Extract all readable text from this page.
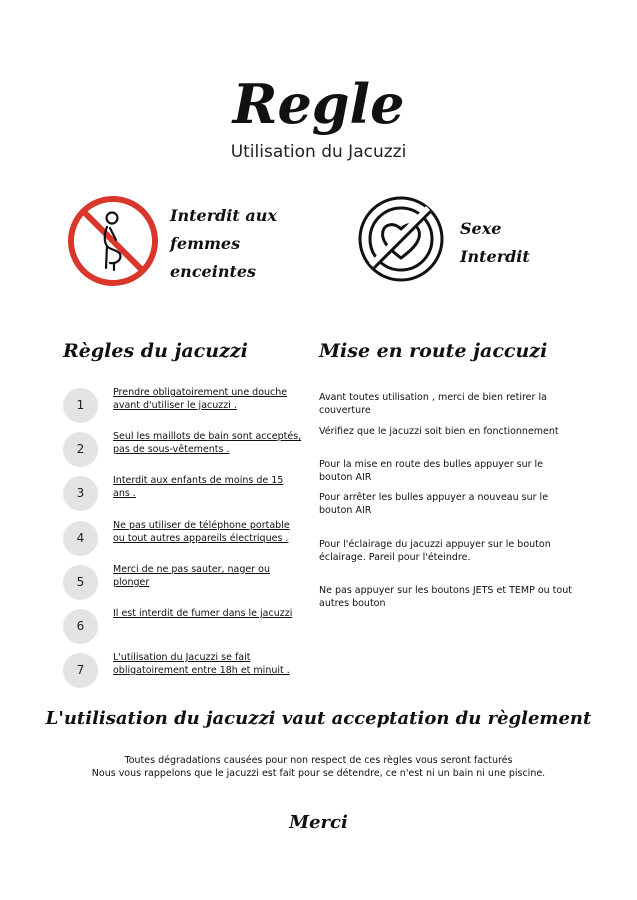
Regle
Utilisation du Jacuzzi
Interdit aux
femmes
enceintes
Sexe
Interdit
Règles du jacuzzi
1
Prendre obligatoirement une douche avant d'utiliser le jacuzzi .
2
Seul les maillots de bain sont acceptés, pas de sous-vêtements .
3
Interdit aux enfants de moins de 15 ans .
4
Ne pas utiliser de téléphone portable ou tout autres appareils électriques .
5
Merci de ne pas sauter, nager ou plonger
6
Il est interdit de fumer dans le jacuzzi
7
L'utilisation du Jacuzzi se fait obligatoirement entre 18h et minuit .
Mise en route jaccuzi
Avant toutes utilisation , merci de bien retirer la couverture
Vérifiez que le jacuzzi soit bien en fonctionnement
Pour la mise en route des bulles appuyer sur le bouton AIR
Pour arrêter les bulles appuyer a nouveau sur le bouton AIR
Pour l'éclairage du jacuzzi appuyer sur le bouton éclairage. Pareil pour l'éteindre.
Ne pas appuyer sur les boutons JETS et TEMP ou tout autres bouton
L'utilisation du jacuzzi vaut acceptation du règlement
Toutes dégradations causées pour non respect de ces règles vous seront facturés
Nous vous rappelons que le jacuzzi est fait pour se détendre, ce n'est ni un bain ni une piscine.
Merci
